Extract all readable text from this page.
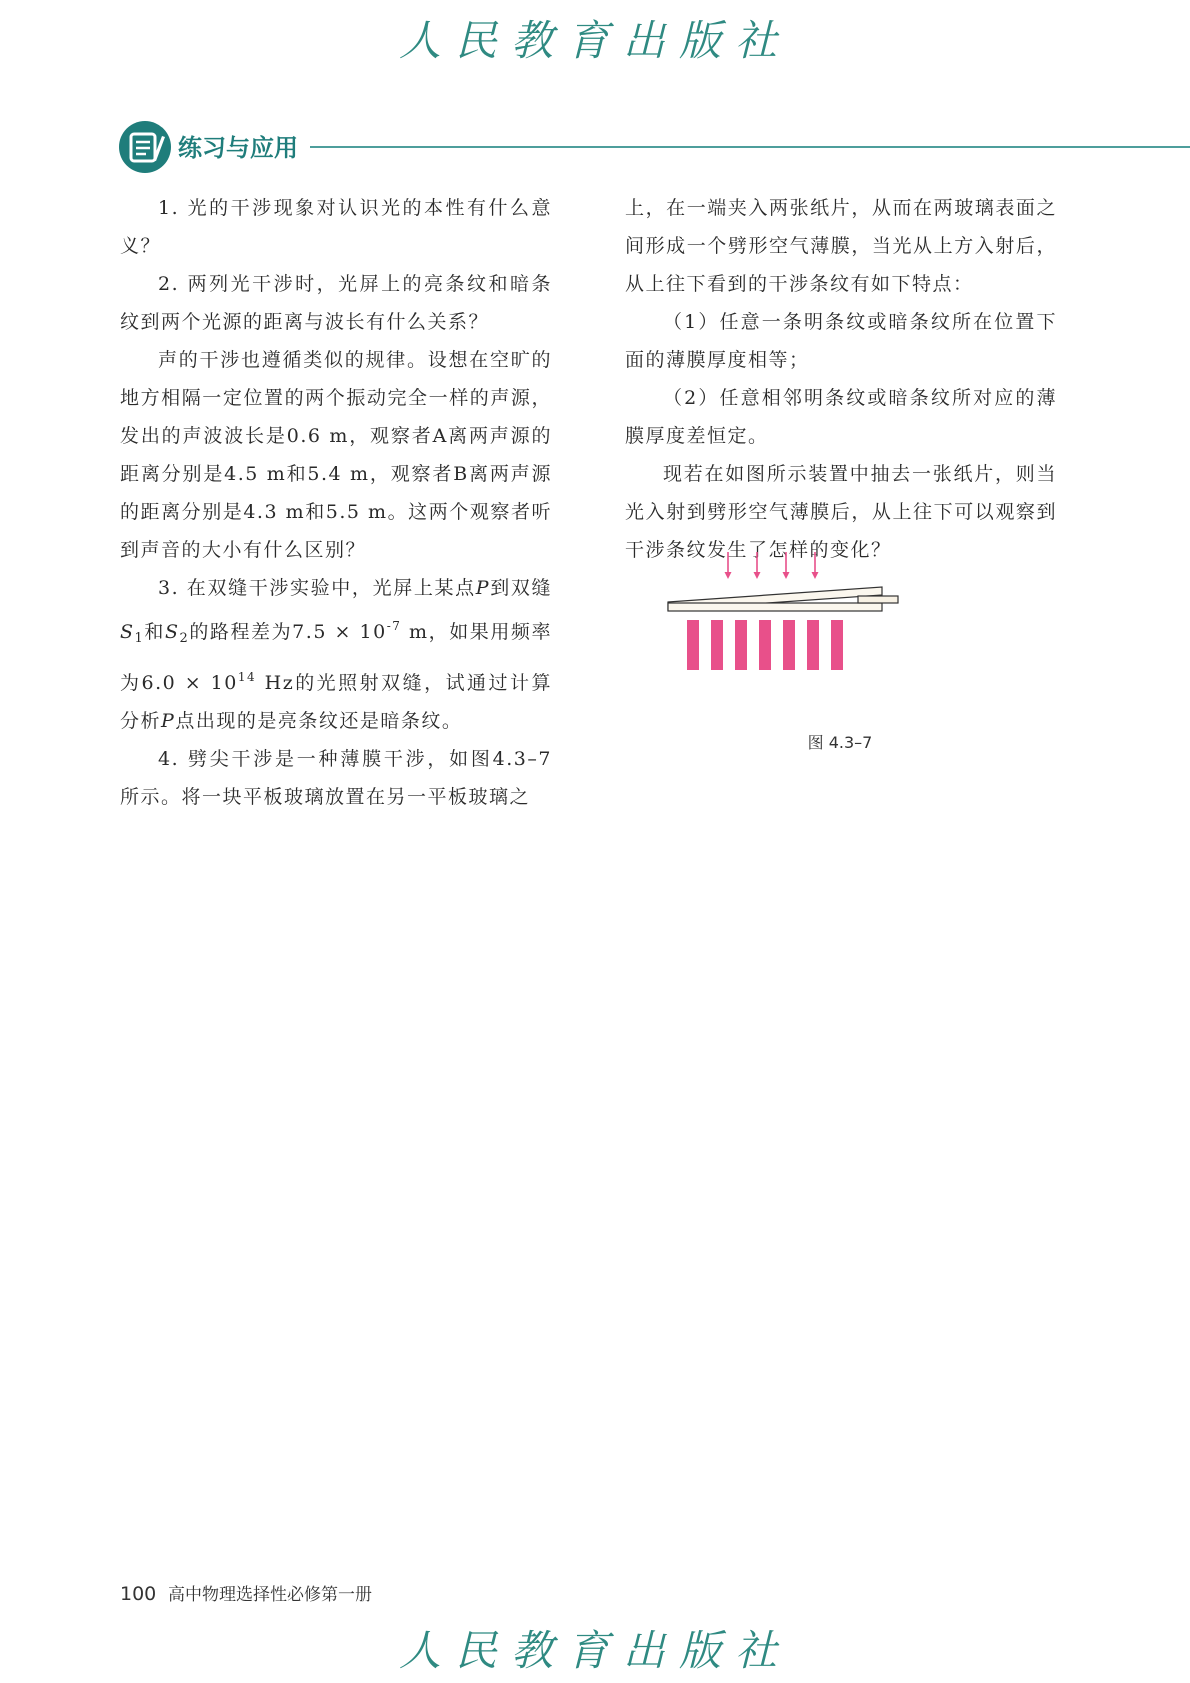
人民教育出版社
练习与应用

1. 光的干涉现象对认识光的本性有什么意义？

2. 两列光干涉时，光屏上的亮条纹和暗条纹到两个光源的距离与波长有什么关系？

声的干涉也遵循类似的规律。设想在空旷的地方相隔一定位置的两个振动完全一样的声源，发出的声波波长是0.6 m，观察者A离两声源的距离分别是4.5 m和5.4 m，观察者B离两声源的距离分别是4.3 m和5.5 m。这两个观察者听到声音的大小有什么区别？

3. 在双缝干涉实验中，光屏上某点P到双缝$S_1$和$S_2$的路程差为$7.5 \times 10^{-7}$ m，如果用频率为$6.0 \times 10^{14}$ Hz的光照射双缝，试通过计算分析P点出现的是亮条纹还是暗条纹。

4. 劈尖干涉是一种薄膜干涉，如图4.3–7所示。将一块平板玻璃放置在另一平板玻璃之

上，在一端夹入两张纸片，从而在两玻璃表面之间形成一个劈形空气薄膜，当光从上方入射后，从上往下看到的干涉条纹有如下特点：

（1）任意一条明条纹或暗条纹所在位置下面的薄膜厚度相等；

（2）任意相邻明条纹或暗条纹所对应的薄膜厚度差恒定。

现若在如图所示装置中抽去一张纸片，则当光入射到劈形空气薄膜后，从上往下可以观察到干涉条纹发生了怎样的变化？

图 4.3–7
100 高中物理选择性必修第一册
人民教育出版社
